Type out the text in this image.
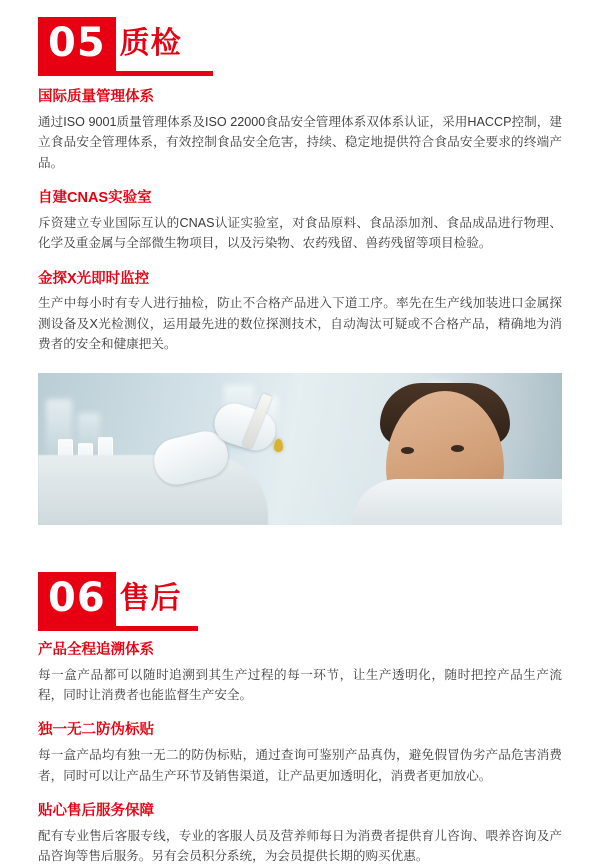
05 质检
国际质量管理体系
通过ISO 9001质量管理体系及ISO 22000食品安全管理体系双体系认证，采用HACCP控制，建立食品安全管理体系，有效控制食品安全危害，持续、稳定地提供符合食品安全要求的终端产品。
自建CNAS实验室
斥资建立专业国际互认的CNAS认证实验室，对食品原料、食品添加剂、食品成品进行物理、化学及重金属与全部微生物项目，以及污染物、农药残留、兽药残留等项目检验。
金探X光即时监控
生产中每小时有专人进行抽检，防止不合格产品进入下道工序。率先在生产线加装进口金属探测设备及X光检测仪，运用最先进的数位探测技术，自动淘汰可疑或不合格产品，精确地为消费者的安全和健康把关。
06 售后
产品全程追溯体系
每一盒产品都可以随时追溯到其生产过程的每一环节，让生产透明化，随时把控产品生产流程，同时让消费者也能监督生产安全。
独一无二防伪标贴
每一盒产品均有独一无二的防伪标贴，通过查询可鉴别产品真伪，避免假冒伪劣产品危害消费者，同时可以让产品生产环节及销售渠道，让产品更加透明化，消费者更加放心。
贴心售后服务保障
配有专业售后客服专线，专业的客服人员及营养师每日为消费者提供育儿咨询、喂养咨询及产品咨询等售后服务。另有会员积分系统，为会员提供长期的购买优惠。
